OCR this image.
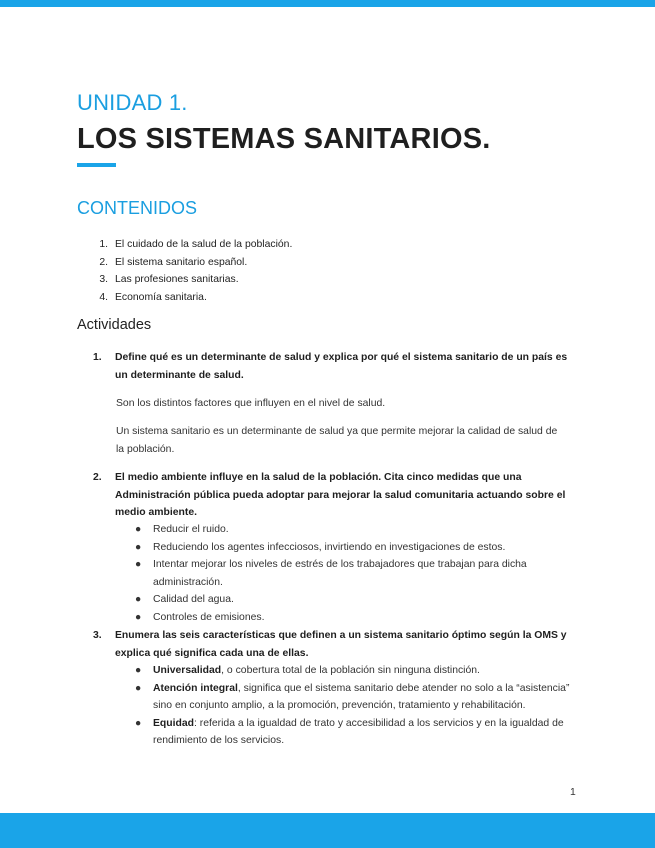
UNIDAD 1.
LOS SISTEMAS SANITARIOS.
CONTENIDOS
1. El cuidado de la salud de la población.
2. El sistema sanitario español.
3. Las profesiones sanitarias.
4. Economía sanitaria.
Actividades
1. Define qué es un determinante de salud y explica por qué el sistema sanitario de un país es un determinante de salud.
Son los distintos factores que influyen en el nivel de salud.
Un sistema sanitario es un determinante de salud ya que permite mejorar la calidad de salud de la población.
2. El medio ambiente influye en la salud de la población. Cita cinco medidas que una Administración pública pueda adoptar para mejorar la salud comunitaria actuando sobre el medio ambiente.
● Reducir el ruido.
● Reduciendo los agentes infecciosos, invirtiendo en investigaciones de estos.
● Intentar mejorar los niveles de estrés de los trabajadores que trabajan para dicha administración.
● Calidad del agua.
● Controles de emisiones.
3. Enumera las seis características que definen a un sistema sanitario óptimo según la OMS y explica qué significa cada una de ellas.
● Universalidad, o cobertura total de la población sin ninguna distinción.
● Atención integral, significa que el sistema sanitario debe atender no solo a la “asistencia” sino en conjunto amplio, a la promoción, prevención, tratamiento y rehabilitación.
● Equidad: referida a la igualdad de trato y accesibilidad a los servicios y en la igualdad de rendimiento de los servicios.
1
